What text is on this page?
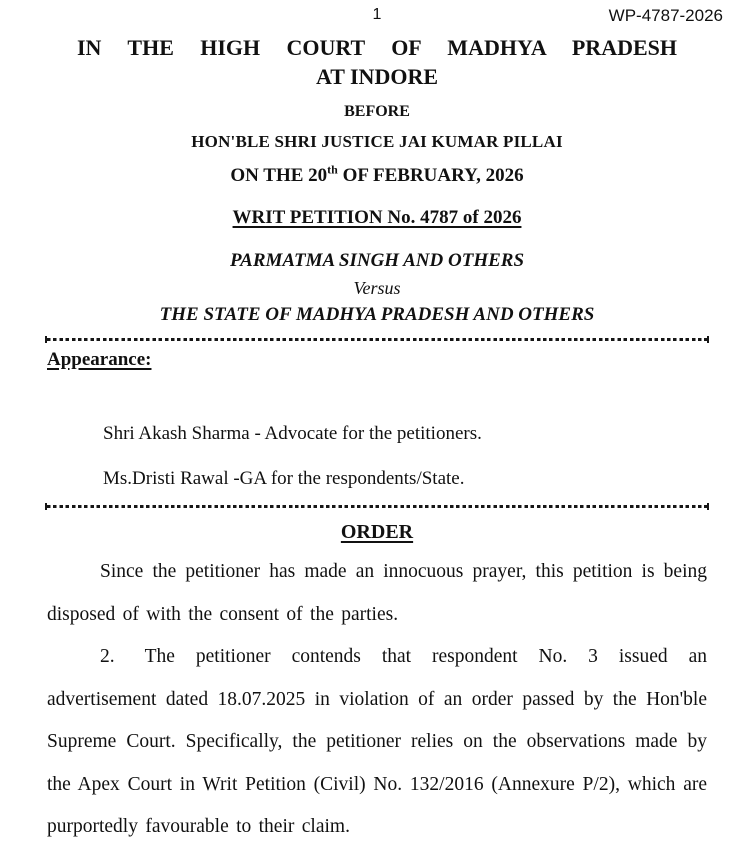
1	WP-4787-2026
IN THE HIGH COURT OF MADHYA PRADESH
AT INDORE
BEFORE
HON'BLE SHRI JUSTICE JAI KUMAR PILLAI
ON THE 20th OF FEBRUARY, 2026
WRIT PETITION No. 4787 of 2026
PARMATMA SINGH AND OTHERS
Versus
THE STATE OF MADHYA PRADESH AND OTHERS
Appearance:
Shri Akash Sharma - Advocate for the petitioners.
Ms.Dristi Rawal -GA for the respondents/State.
ORDER

Since the petitioner has made an innocuous prayer, this petition is being disposed of with the consent of the parties.

2. The petitioner contends that respondent No. 3 issued an advertisement dated 18.07.2025 in violation of an order passed by the Hon'ble Supreme Court. Specifically, the petitioner relies on the observations made by the Apex Court in Writ Petition (Civil) No. 132/2016 (Annexure P/2), which are purportedly favourable to their claim.
